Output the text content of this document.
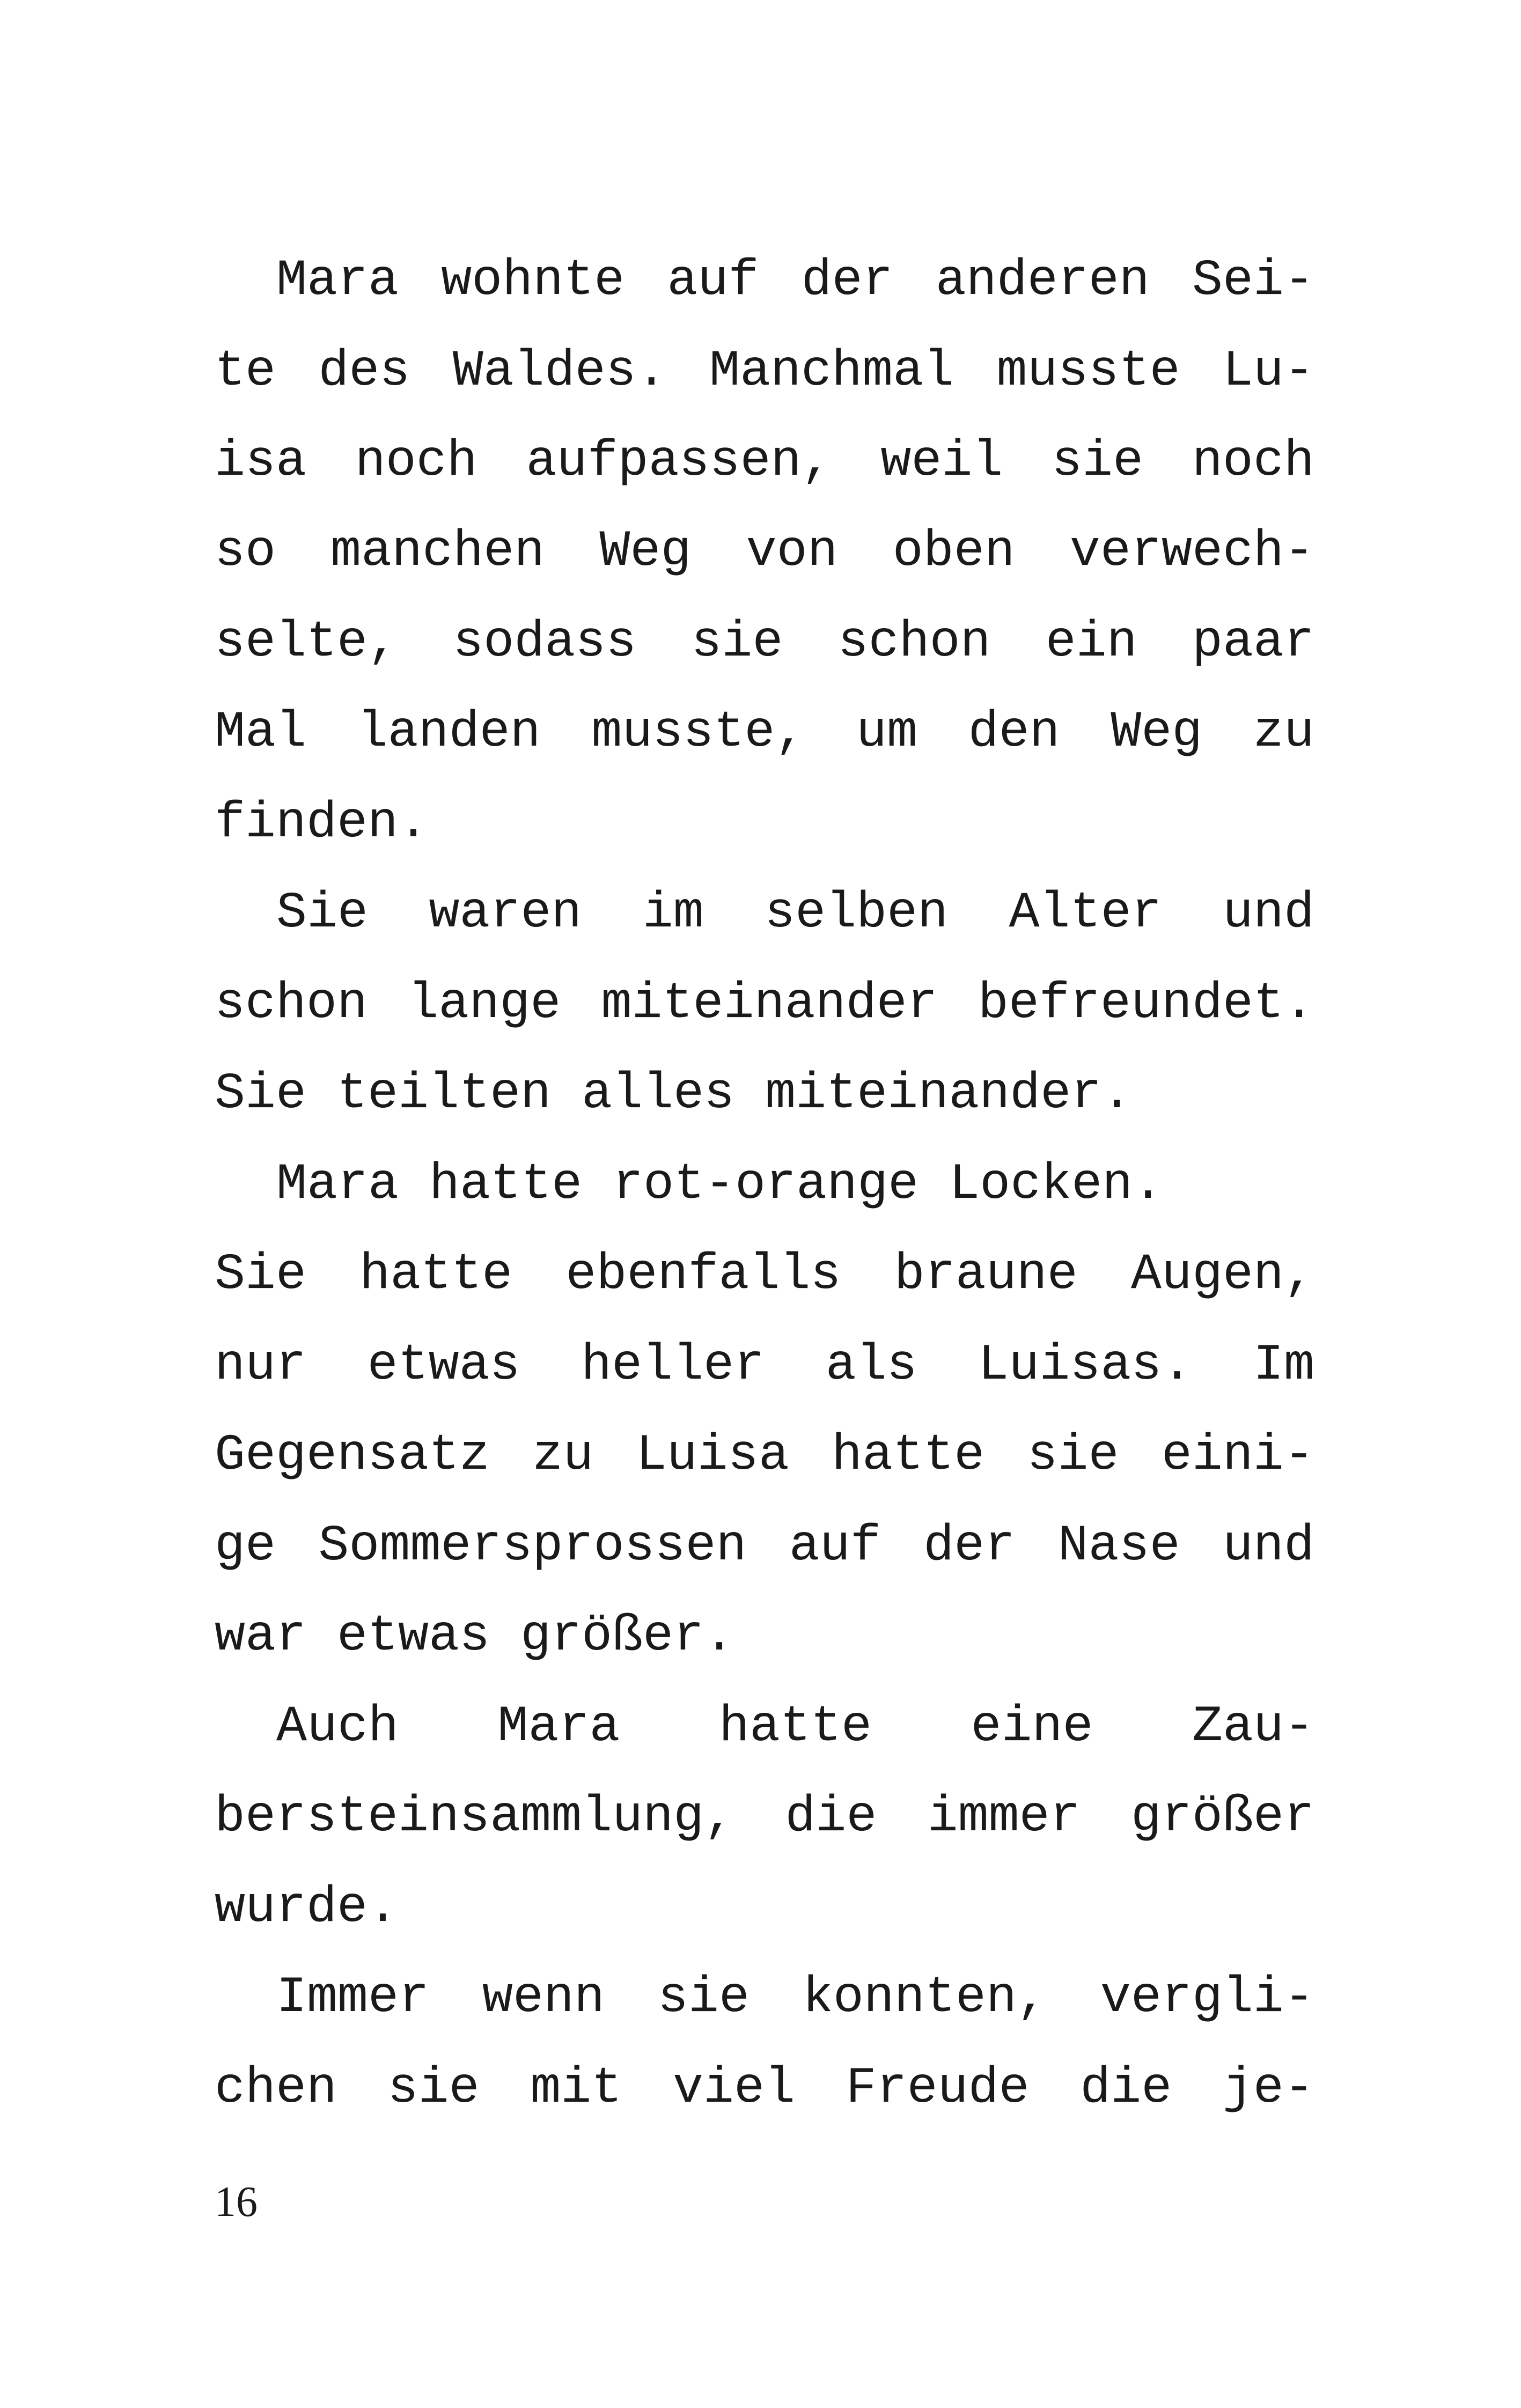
Mara wohnte auf der anderen Sei-
te des Waldes. Manchmal musste Lu-
isa noch aufpassen, weil sie noch
so manchen Weg von oben verwech-
selte, sodass sie schon ein paar
Mal landen musste, um den Weg zu
finden.
Sie waren im selben Alter und
schon lange miteinander befreundet.
Sie teilten alles miteinander.
Mara hatte rot-orange Locken.
Sie hatte ebenfalls braune Augen,
nur etwas heller als Luisas. Im
Gegensatz zu Luisa hatte sie eini-
ge Sommersprossen auf der Nase und
war etwas größer.
Auch Mara hatte eine Zau-
bersteinsammlung, die immer größer
wurde.
Immer wenn sie konnten, vergli-
chen sie mit viel Freude die je-
16
